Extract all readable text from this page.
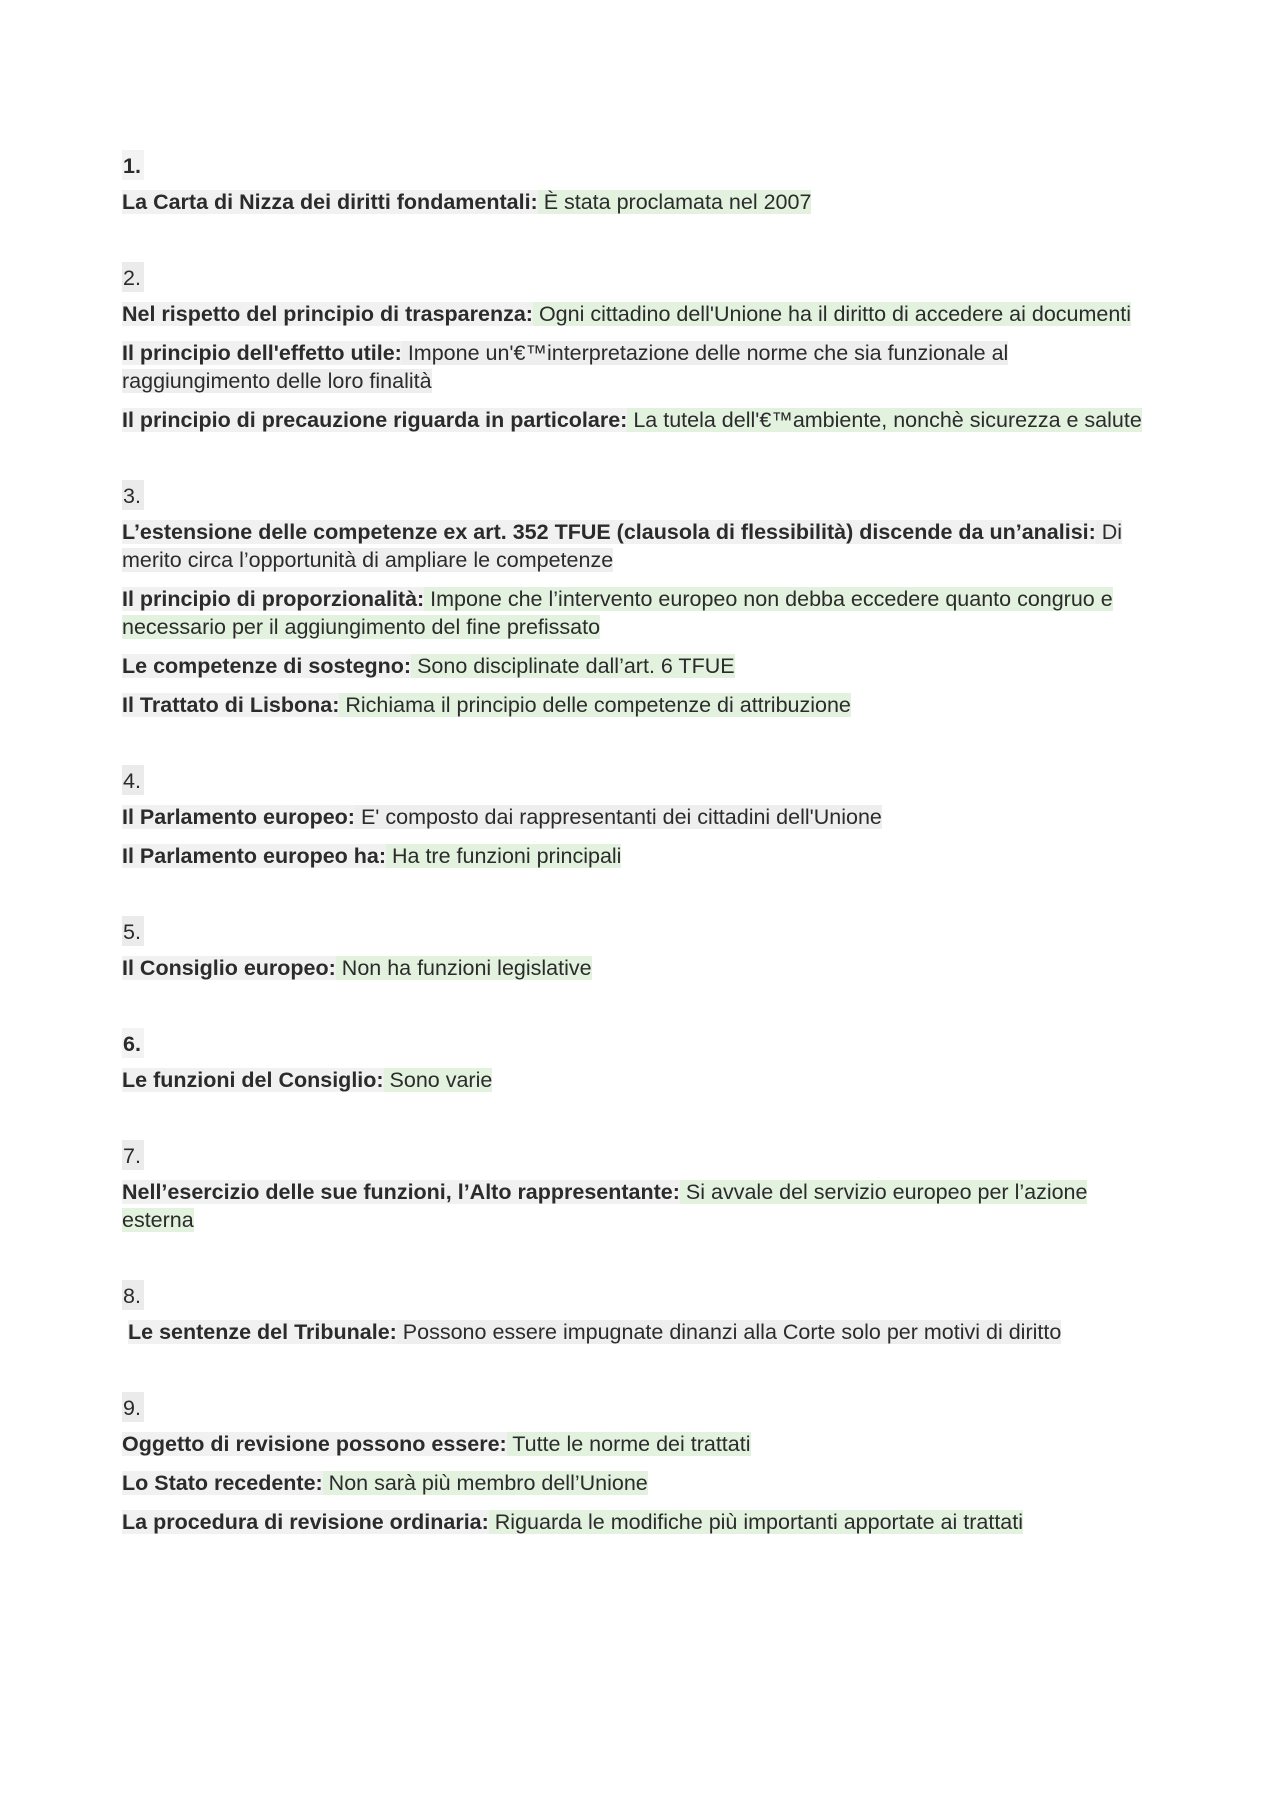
1.

La Carta di Nizza dei diritti fondamentali: È stata proclamata nel 2007

2.

Nel rispetto del principio di trasparenza: Ogni cittadino dell'Unione ha il diritto di accedere ai documenti

Il principio dell'effetto utile: Impone un'€™interpretazione delle norme che sia funzionale al raggiungimento delle loro finalità

Il principio di precauzione riguarda in particolare: La tutela dell'€™ambiente, nonchè sicurezza e salute

3.

L’estensione delle competenze ex art. 352 TFUE (clausola di flessibilità) discende da un’analisi: Di merito circa l’opportunità di ampliare le competenze

Il principio di proporzionalità: Impone che l’intervento europeo non debba eccedere quanto congruo e necessario per il aggiungimento del fine prefissato

Le competenze di sostegno: Sono disciplinate dall’art. 6 TFUE

Il Trattato di Lisbona: Richiama il principio delle competenze di attribuzione

4.

Il Parlamento europeo: E' composto dai rappresentanti dei cittadini dell'Unione

Il Parlamento europeo ha: Ha tre funzioni principali

5.

Il Consiglio europeo: Non ha funzioni legislative

6.

Le funzioni del Consiglio: Sono varie

7.

Nell’esercizio delle sue funzioni, l’Alto rappresentante: Si avvale del servizio europeo per l’azione esterna

8.

Le sentenze del Tribunale: Possono essere impugnate dinanzi alla Corte solo per motivi di diritto

9.

Oggetto di revisione possono essere: Tutte le norme dei trattati

Lo Stato recedente: Non sarà più membro dell’Unione

La procedura di revisione ordinaria: Riguarda le modifiche più importanti apportate ai trattati
